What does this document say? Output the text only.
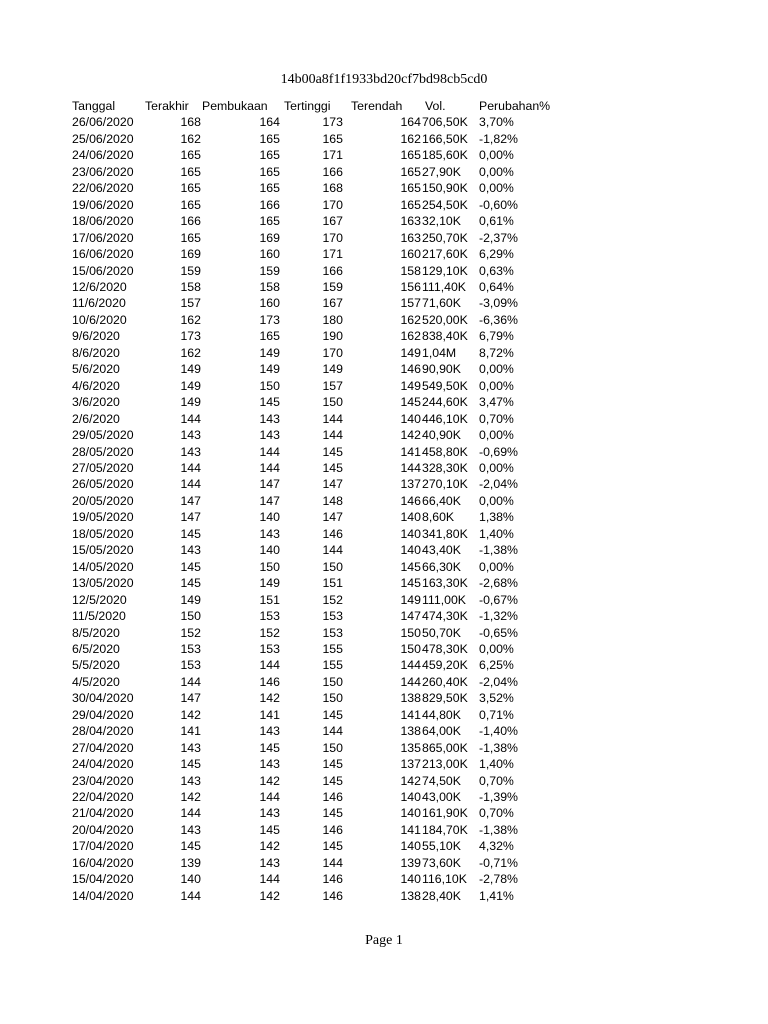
14b00a8f1f1933bd20cf7bd98cb5cd0
Tanggal	Terakhir	Pembukaan	Tertinggi	Terendah	Vol.	Perubahan%
26/06/2020	168	164	173	164	706,50K	3,70%
25/06/2020	162	165	165	162	166,50K	-1,82%
24/06/2020	165	165	171	165	185,60K	0,00%
23/06/2020	165	165	166	165	27,90K	0,00%
22/06/2020	165	165	168	165	150,90K	0,00%
19/06/2020	165	166	170	165	254,50K	-0,60%
18/06/2020	166	165	167	163	32,10K	0,61%
17/06/2020	165	169	170	163	250,70K	-2,37%
16/06/2020	169	160	171	160	217,60K	6,29%
15/06/2020	159	159	166	158	129,10K	0,63%
12/6/2020	158	158	159	156	111,40K	0,64%
11/6/2020	157	160	167	157	71,60K	-3,09%
10/6/2020	162	173	180	162	520,00K	-6,36%
9/6/2020	173	165	190	162	838,40K	6,79%
8/6/2020	162	149	170	149	1,04M	8,72%
5/6/2020	149	149	149	146	90,90K	0,00%
4/6/2020	149	150	157	149	549,50K	0,00%
3/6/2020	149	145	150	145	244,60K	3,47%
2/6/2020	144	143	144	140	446,10K	0,70%
29/05/2020	143	143	144	142	40,90K	0,00%
28/05/2020	143	144	145	141	458,80K	-0,69%
27/05/2020	144	144	145	144	328,30K	0,00%
26/05/2020	144	147	147	137	270,10K	-2,04%
20/05/2020	147	147	148	146	66,40K	0,00%
19/05/2020	147	140	147	140	8,60K	1,38%
18/05/2020	145	143	146	140	341,80K	1,40%
15/05/2020	143	140	144	140	43,40K	-1,38%
14/05/2020	145	150	150	145	66,30K	0,00%
13/05/2020	145	149	151	145	163,30K	-2,68%
12/5/2020	149	151	152	149	111,00K	-0,67%
11/5/2020	150	153	153	147	474,30K	-1,32%
8/5/2020	152	152	153	150	50,70K	-0,65%
6/5/2020	153	153	155	150	478,30K	0,00%
5/5/2020	153	144	155	144	459,20K	6,25%
4/5/2020	144	146	150	144	260,40K	-2,04%
30/04/2020	147	142	150	138	829,50K	3,52%
29/04/2020	142	141	145	141	44,80K	0,71%
28/04/2020	141	143	144	138	64,00K	-1,40%
27/04/2020	143	145	150	135	865,00K	-1,38%
24/04/2020	145	143	145	137	213,00K	1,40%
23/04/2020	143	142	145	142	74,50K	0,70%
22/04/2020	142	144	146	140	43,00K	-1,39%
21/04/2020	144	143	145	140	161,90K	0,70%
20/04/2020	143	145	146	141	184,70K	-1,38%
17/04/2020	145	142	145	140	55,10K	4,32%
16/04/2020	139	143	144	139	73,60K	-0,71%
15/04/2020	140	144	146	140	116,10K	-2,78%
14/04/2020	144	142	146	138	28,40K	1,41%
Page 1
